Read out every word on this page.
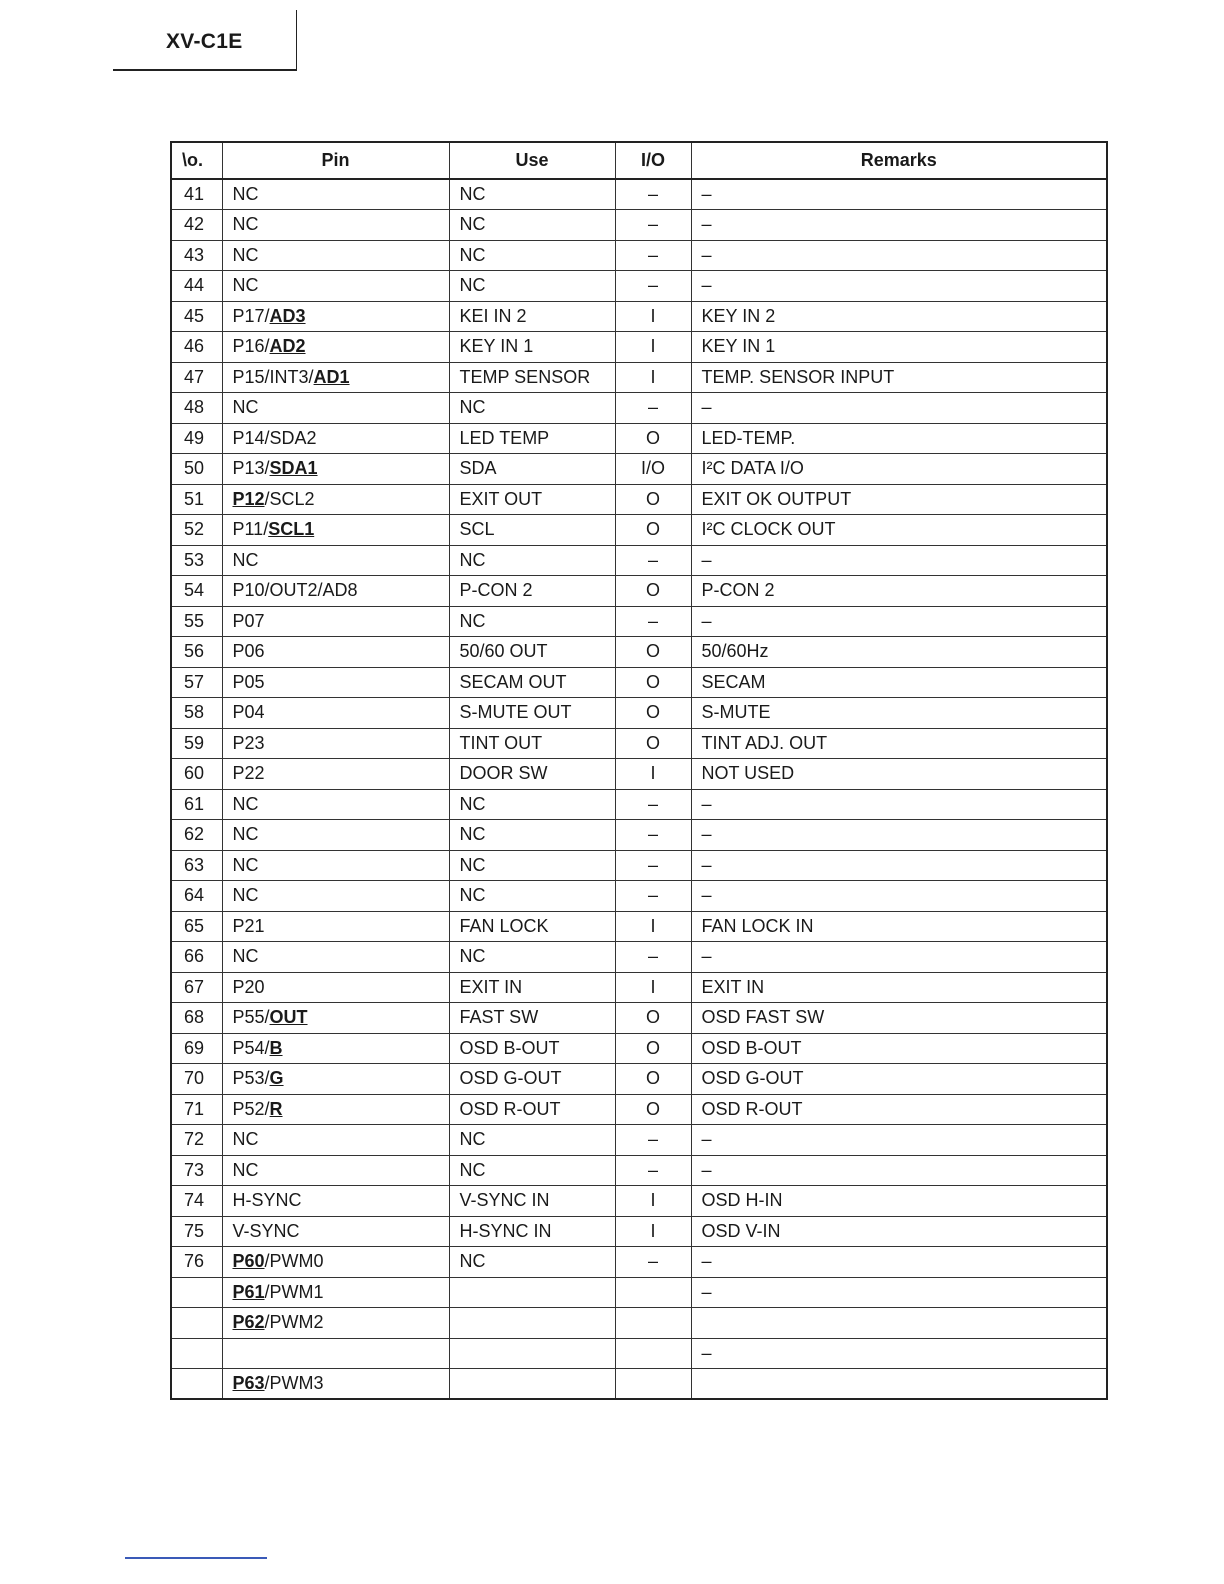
XV-C1E
\o.	Pin	Use	I/O	Remarks
41	NC	NC	–	–
42	NC	NC	–	–
43	NC	NC	–	–
44	NC	NC	–	–
45	P17/AD3	KEI IN 2	I	KEY IN 2
46	P16/AD2	KEY IN 1	I	KEY IN 1
47	P15/INT3/AD1	TEMP SENSOR	I	TEMP. SENSOR INPUT
48	NC	NC	–	–
49	P14/SDA2	LED TEMP	O	LED-TEMP.
50	P13/SDA1	SDA	I/O	I²C DATA I/O
51	P12/SCL2	EXIT OUT	O	EXIT OK OUTPUT
52	P11/SCL1	SCL	O	I²C CLOCK OUT
53	NC	NC	–	–
54	P10/OUT2/AD8	P-CON 2	O	P-CON 2
55	P07	NC	–	–
56	P06	50/60 OUT	O	50/60Hz
57	P05	SECAM OUT	O	SECAM
58	P04	S-MUTE OUT	O	S-MUTE
59	P23	TINT OUT	O	TINT ADJ. OUT
60	P22	DOOR SW	I	NOT USED
61	NC	NC	–	–
62	NC	NC	–	–
63	NC	NC	–	–
64	NC	NC	–	–
65	P21	FAN LOCK	I	FAN LOCK IN
66	NC	NC	–	–
67	P20	EXIT IN	I	EXIT IN
68	P55/OUT	FAST SW	O	OSD FAST SW
69	P54/B	OSD B-OUT	O	OSD B-OUT
70	P53/G	OSD G-OUT	O	OSD G-OUT
71	P52/R	OSD R-OUT	O	OSD R-OUT
72	NC	NC	–	–
73	NC	NC	–	–
74	H-SYNC	V-SYNC IN	I	OSD H-IN
75	V-SYNC	H-SYNC IN	I	OSD V-IN
76	P60/PWM0	NC	–	–
	P61/PWM1			–
	P62/PWM2			
				–
	P63/PWM3			
